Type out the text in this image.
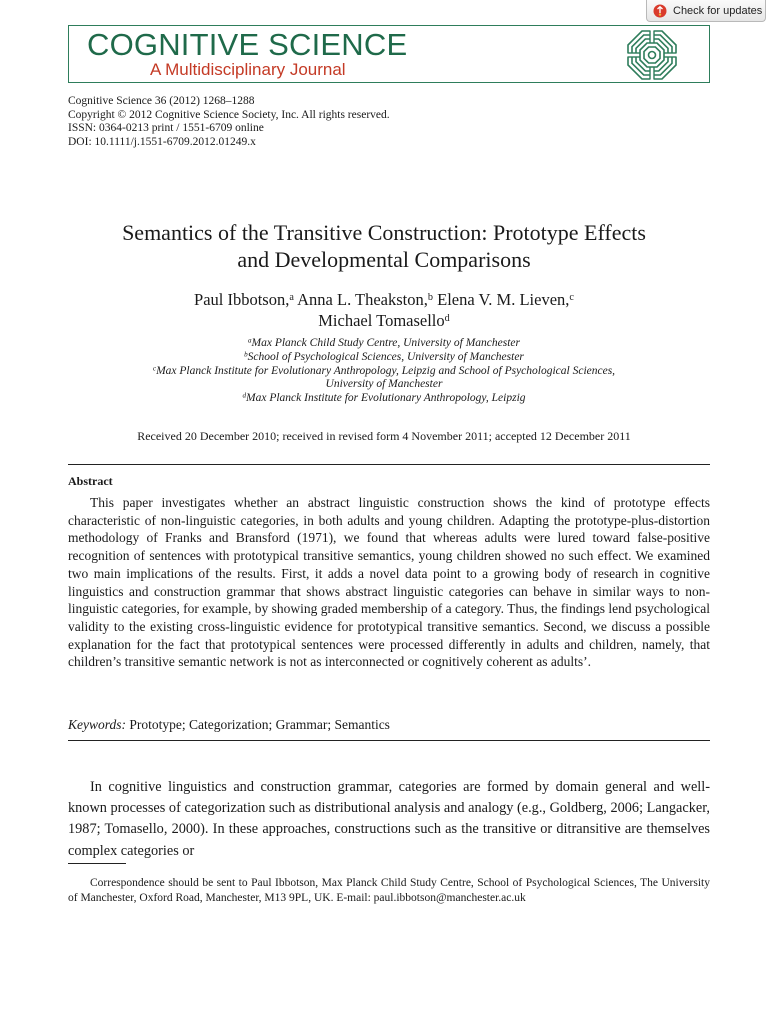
Check for updates
COGNITIVE SCIENCE
A Multidisciplinary Journal
Cognitive Science 36 (2012) 1268–1288
Copyright © 2012 Cognitive Science Society, Inc. All rights reserved.
ISSN: 0364-0213 print / 1551-6709 online
DOI: 10.1111/j.1551-6709.2012.01249.x
Semantics of the Transitive Construction: Prototype Effects
and Developmental Comparisons
Paul Ibbotson,$^a$ Anna L. Theakston,$^b$ Elena V. M. Lieven,$^c$
Michael Tomasello$^d$
$^a$Max Planck Child Study Centre, University of Manchester
$^b$School of Psychological Sciences, University of Manchester
$^c$Max Planck Institute for Evolutionary Anthropology, Leipzig and School of Psychological Sciences,
University of Manchester
$^d$Max Planck Institute for Evolutionary Anthropology, Leipzig
Received 20 December 2010; received in revised form 4 November 2011; accepted 12 December 2011
Abstract

This paper investigates whether an abstract linguistic construction shows the kind of prototype effects characteristic of non-linguistic categories, in both adults and young children. Adapting the prototype-plus-distortion methodology of Franks and Bransford (1971), we found that whereas adults were lured toward false-positive recognition of sentences with prototypical transitive semantics, young children showed no such effect. We examined two main implications of the results. First, it adds a novel data point to a growing body of research in cognitive linguistics and construction grammar that shows abstract linguistic categories can behave in similar ways to non-linguistic categories, for example, by showing graded membership of a category. Thus, the findings lend psychological validity to the existing cross-linguistic evidence for prototypical transitive semantics. Second, we discuss a possible explanation for the fact that prototypical sentences were processed differently in adults and children, namely, that children’s transitive semantic network is not as interconnected or cognitively coherent as adults’.

Keywords: Prototype; Categorization; Grammar; Semantics

In cognitive linguistics and construction grammar, categories are formed by domain general and well-known processes of categorization such as distributional analysis and analogy (e.g., Goldberg, 2006; Langacker, 1987; Tomasello, 2000). In these approaches, constructions such as the transitive or ditransitive are themselves complex categories or

Correspondence should be sent to Paul Ibbotson, Max Planck Child Study Centre, School of Psychological Sciences, The University of Manchester, Oxford Road, Manchester, M13 9PL, UK. E-mail: paul.ibbotson@​manchester.ac.uk
